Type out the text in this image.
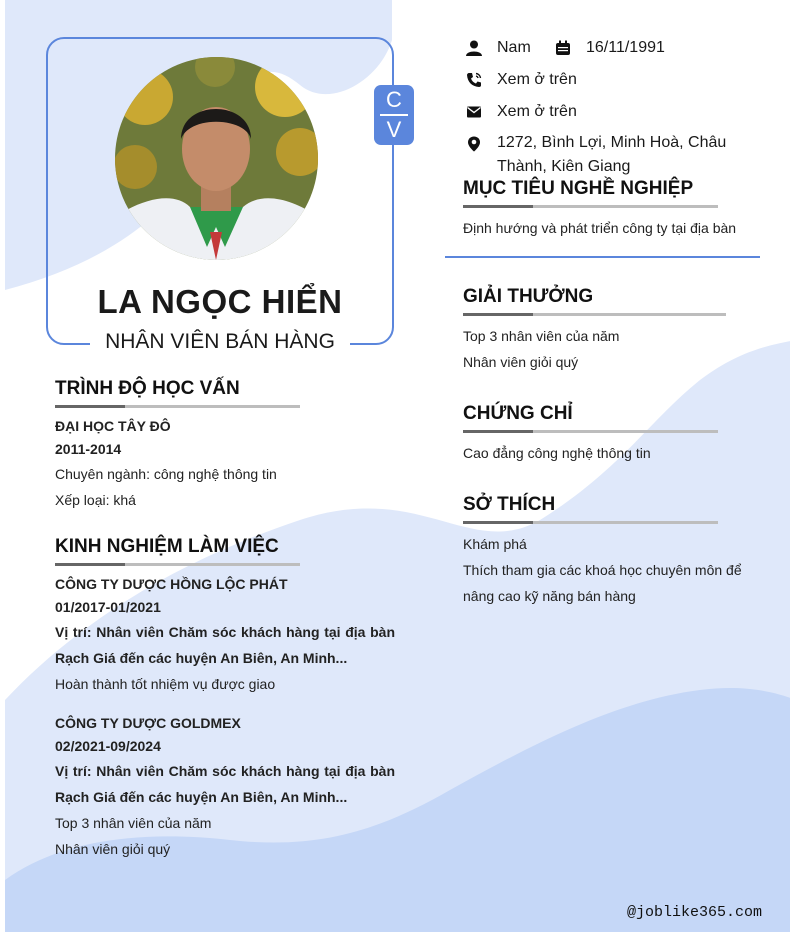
C
V
LA NGỌC HIỂN
NHÂN VIÊN BÁN HÀNG
Nam	16/11/1991
Xem ở trên
Xem ở trên
1272, Bình Lợi, Minh Hoà, Châu Thành, Kiên Giang
TRÌNH ĐỘ HỌC VẤN
ĐẠI HỌC TÂY ĐÔ
2011-2014
Chuyên ngành: công nghệ thông tin
Xếp loại: khá
KINH NGHIỆM LÀM VIỆC
CÔNG TY DƯỢC HỒNG LỘC PHÁT
01/2017-01/2021
Vị trí: Nhân viên Chăm sóc khách hàng tại địa bàn Rạch Giá đến các huyện An Biên, An Minh...
Hoàn thành tốt nhiệm vụ được giao
CÔNG TY DƯỢC GOLDMEX
02/2021-09/2024
Vị trí: Nhân viên Chăm sóc khách hàng tại địa bàn Rạch Giá đến các huyện An Biên, An Minh...
Top 3 nhân viên của năm
Nhân viên giỏi quý
MỤC TIÊU NGHỀ NGHIỆP
Định hướng và phát triển công ty tại địa bàn
GIẢI THƯỞNG
Top 3 nhân viên của năm
Nhân viên giỏi quý
CHỨNG CHỈ
Cao đẳng công nghệ thông tin
SỞ THÍCH
Khám phá
Thích tham gia các khoá học chuyên môn để nâng cao kỹ năng bán hàng
@joblike365.com
